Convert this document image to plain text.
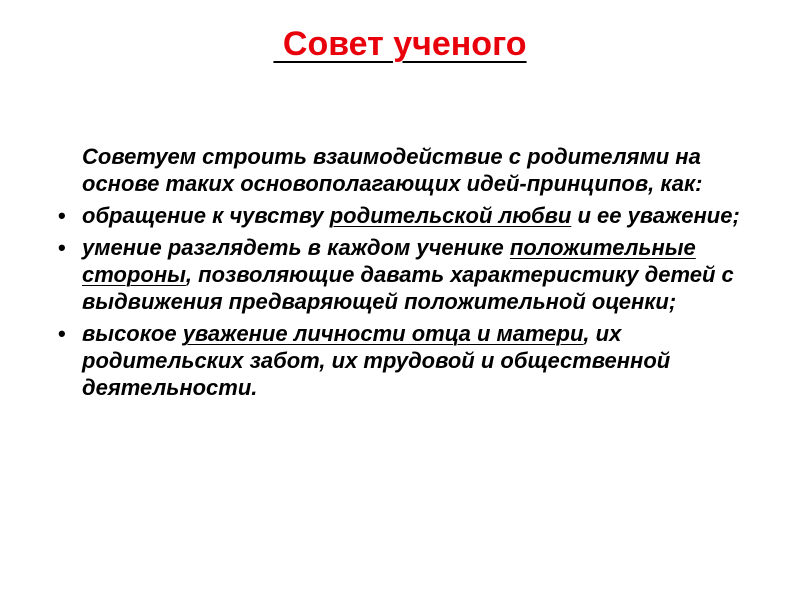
Совет ученого
Советуем строить взаимодействие с родителями на основе таких основополагающих идей-принципов, как:
• обращение к чувству родительской любви и ее уважение;
• умение разглядеть в каждом ученике положительные стороны, позволяющие давать характеристику детей с выдвижения предваряющей положительной оценки;
• высокое уважение личности отца и матери, их родительских забот, их трудовой и общественной деятельности.
